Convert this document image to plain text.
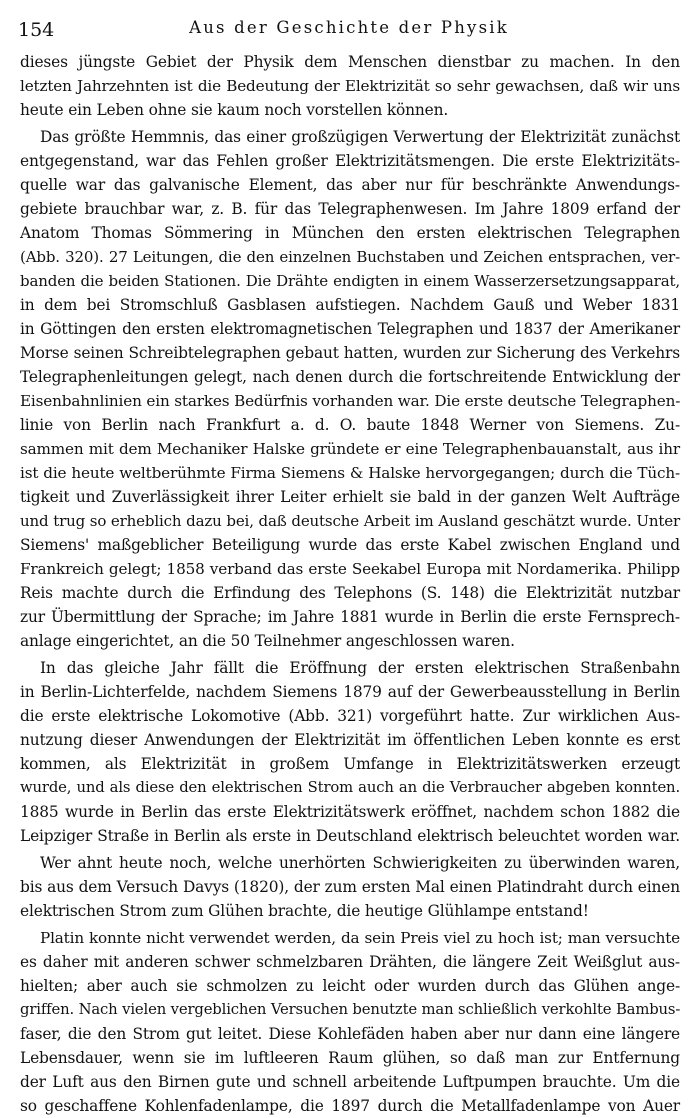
154	Aus der Geschichte der Physik
dieses jüngste Gebiet der Physik dem Menschen dienstbar zu machen. In den
letzten Jahrzehnten ist die Bedeutung der Elektrizität so sehr gewachsen, daß wir uns
heute ein Leben ohne sie kaum noch vorstellen können.
Das größte Hemmnis, das einer großzügigen Verwertung der Elektrizität zunächst
entgegenstand, war das Fehlen großer Elektrizitätsmengen. Die erste Elektrizitäts-
quelle war das galvanische Element, das aber nur für beschränkte Anwendungs-
gebiete brauchbar war, z. B. für das Telegraphenwesen. Im Jahre 1809 erfand der
Anatom Thomas Sömmering in München den ersten elektrischen Telegraphen
(Abb. 320). 27 Leitungen, die den einzelnen Buchstaben und Zeichen entsprachen, ver-
banden die beiden Stationen. Die Drähte endigten in einem Wasserzersetzungsapparat,
in dem bei Stromschluß Gasblasen aufstiegen. Nachdem Gauß und Weber 1831
in Göttingen den ersten elektromagnetischen Telegraphen und 1837 der Amerikaner
Morse seinen Schreibtelegraphen gebaut hatten, wurden zur Sicherung des Verkehrs
Telegraphenleitungen gelegt, nach denen durch die fortschreitende Entwicklung der
Eisenbahnlinien ein starkes Bedürfnis vorhanden war. Die erste deutsche Telegraphen-
linie von Berlin nach Frankfurt a. d. O. baute 1848 Werner von Siemens. Zu-
sammen mit dem Mechaniker Halske gründete er eine Telegraphenbauanstalt, aus ihr
ist die heute weltberühmte Firma Siemens & Halske hervorgegangen; durch die Tüch-
tigkeit und Zuverlässigkeit ihrer Leiter erhielt sie bald in der ganzen Welt Aufträge
und trug so erheblich dazu bei, daß deutsche Arbeit im Ausland geschätzt wurde. Unter
Siemens' maßgeblicher Beteiligung wurde das erste Kabel zwischen England und
Frankreich gelegt; 1858 verband das erste Seekabel Europa mit Nordamerika. Philipp
Reis machte durch die Erfindung des Telephons (S. 148) die Elektrizität nutzbar
zur Übermittlung der Sprache; im Jahre 1881 wurde in Berlin die erste Fernsprech-
anlage eingerichtet, an die 50 Teilnehmer angeschlossen waren.
In das gleiche Jahr fällt die Eröffnung der ersten elektrischen Straßenbahn
in Berlin-Lichterfelde, nachdem Siemens 1879 auf der Gewerbeausstellung in Berlin
die erste elektrische Lokomotive (Abb. 321) vorgeführt hatte. Zur wirklichen Aus-
nutzung dieser Anwendungen der Elektrizität im öffentlichen Leben konnte es erst
kommen, als Elektrizität in großem Umfange in Elektrizitätswerken erzeugt
wurde, und als diese den elektrischen Strom auch an die Verbraucher abgeben konnten.
1885 wurde in Berlin das erste Elektrizitätswerk eröffnet, nachdem schon 1882 die
Leipziger Straße in Berlin als erste in Deutschland elektrisch beleuchtet worden war.
Wer ahnt heute noch, welche unerhörten Schwierigkeiten zu überwinden waren,
bis aus dem Versuch Davys (1820), der zum ersten Mal einen Platindraht durch einen
elektrischen Strom zum Glühen brachte, die heutige Glühlampe entstand!
Platin konnte nicht verwendet werden, da sein Preis viel zu hoch ist; man versuchte
es daher mit anderen schwer schmelzbaren Drähten, die längere Zeit Weißglut aus-
hielten; aber auch sie schmolzen zu leicht oder wurden durch das Glühen ange-
griffen. Nach vielen vergeblichen Versuchen benutzte man schließlich verkohlte Bambus-
faser, die den Strom gut leitet. Diese Kohlefäden haben aber nur dann eine längere
Lebensdauer, wenn sie im luftleeren Raum glühen, so daß man zur Entfernung
der Luft aus den Birnen gute und schnell arbeitende Luftpumpen brauchte. Um die
so geschaffene Kohlenfadenlampe, die 1897 durch die Metallfadenlampe von Auer
